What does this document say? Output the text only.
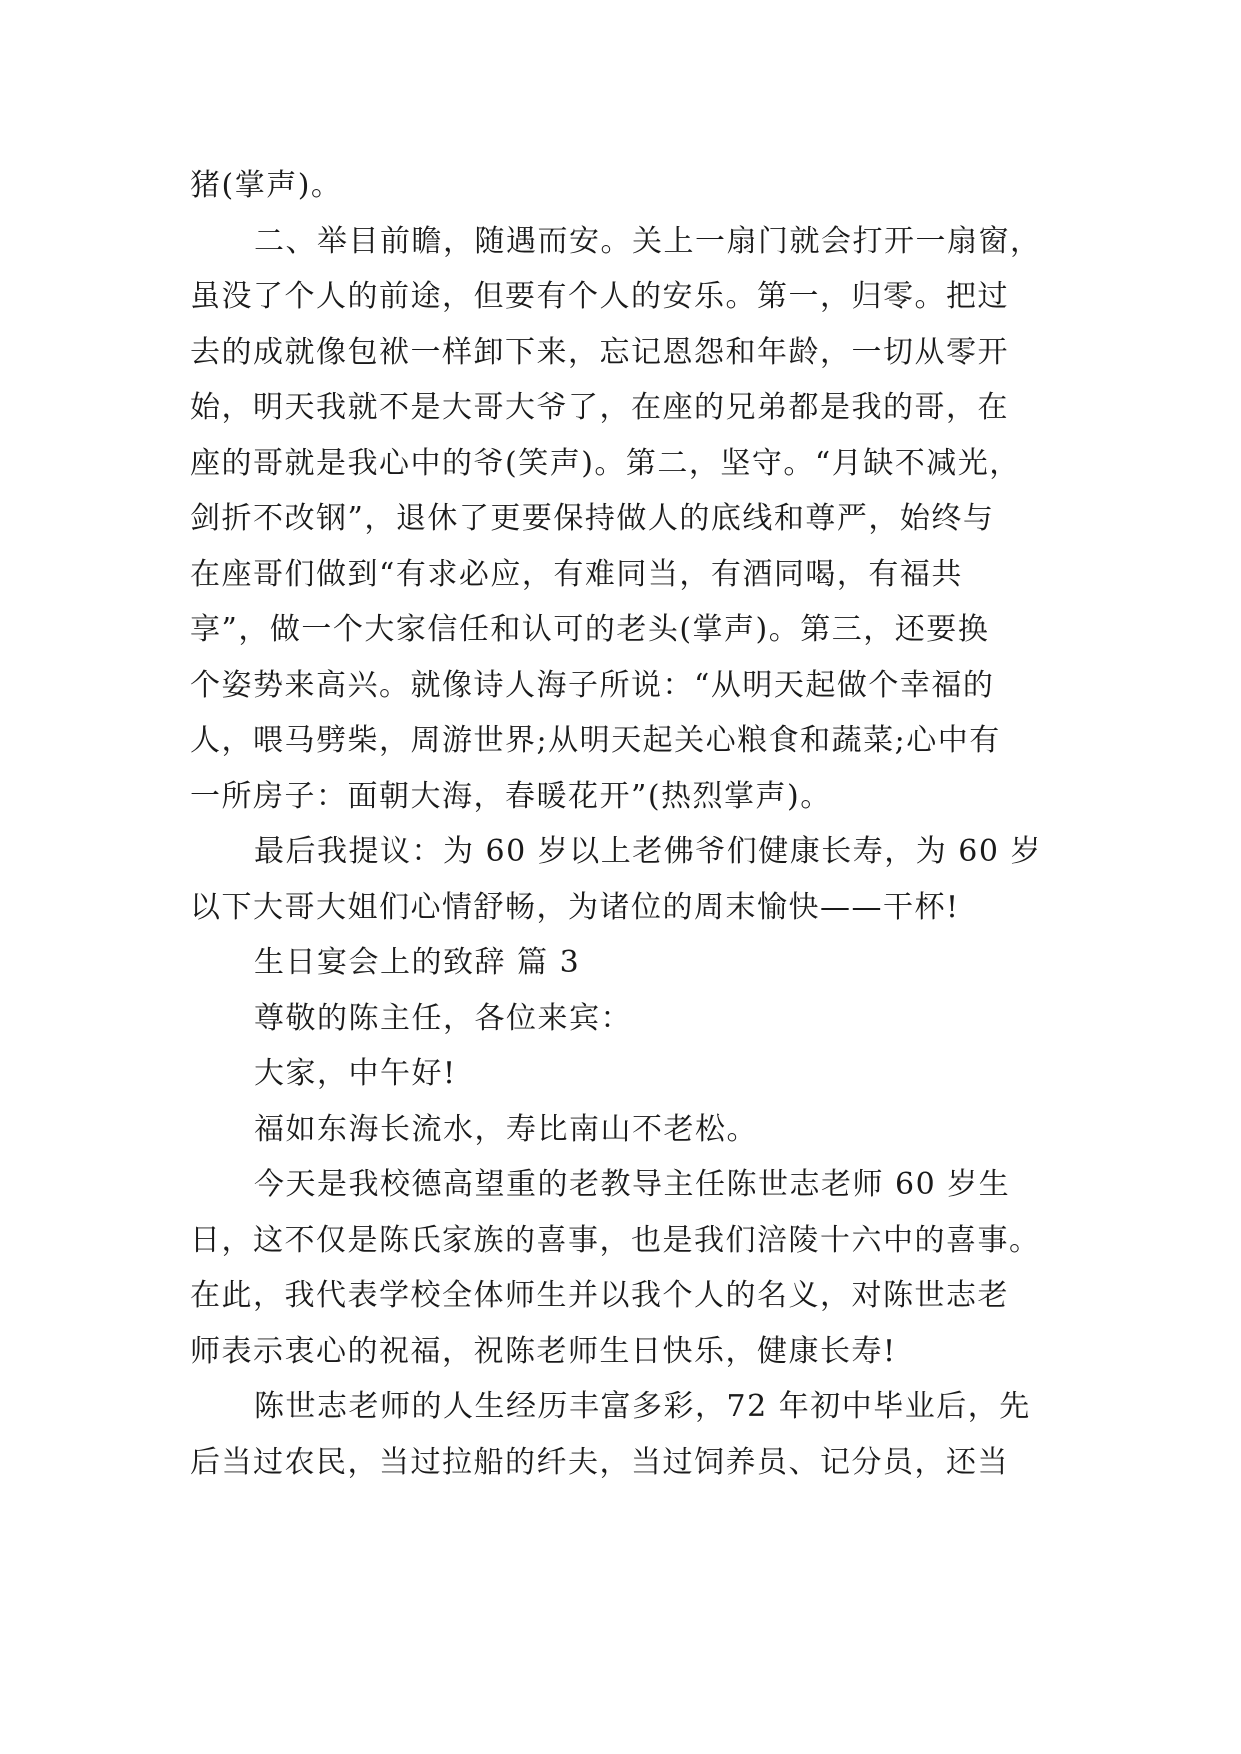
猪(掌声)。

二、举目前瞻，随遇而安。关上一扇门就会打开一扇窗，
虽没了个人的前途，但要有个人的安乐。第一，归零。把过
去的成就像包袱一样卸下来，忘记恩怨和年龄，一切从零开
始，明天我就不是大哥大爷了，在座的兄弟都是我的哥，在
座的哥就是我心中的爷(笑声)。第二，坚守。“月缺不减光，
剑折不改钢”，退休了更要保持做人的底线和尊严，始终与
在座哥们做到“有求必应，有难同当，有酒同喝，有福共
享”，做一个大家信任和认可的老头(掌声)。第三，还要换
个姿势来高兴。就像诗人海子所说：“从明天起做个幸福的
人，喂马劈柴，周游世界;从明天起关心粮食和蔬菜;心中有
一所房子：面朝大海，春暖花开”(热烈掌声)。

最后我提议：为 60 岁以上老佛爷们健康长寿，为 60 岁
以下大哥大姐们心情舒畅，为诸位的周末愉快——干杯!

生日宴会上的致辞 篇 3

尊敬的陈主任，各位来宾：

大家，中午好!

福如东海长流水，寿比南山不老松。

今天是我校德高望重的老教导主任陈世志老师 60 岁生
日，这不仅是陈氏家族的喜事，也是我们涪陵十六中的喜事。
在此，我代表学校全体师生并以我个人的名义，对陈世志老
师表示衷心的祝福，祝陈老师生日快乐，健康长寿!

陈世志老师的人生经历丰富多彩，72 年初中毕业后，先
后当过农民，当过拉船的纤夫，当过饲养员、记分员，还当
